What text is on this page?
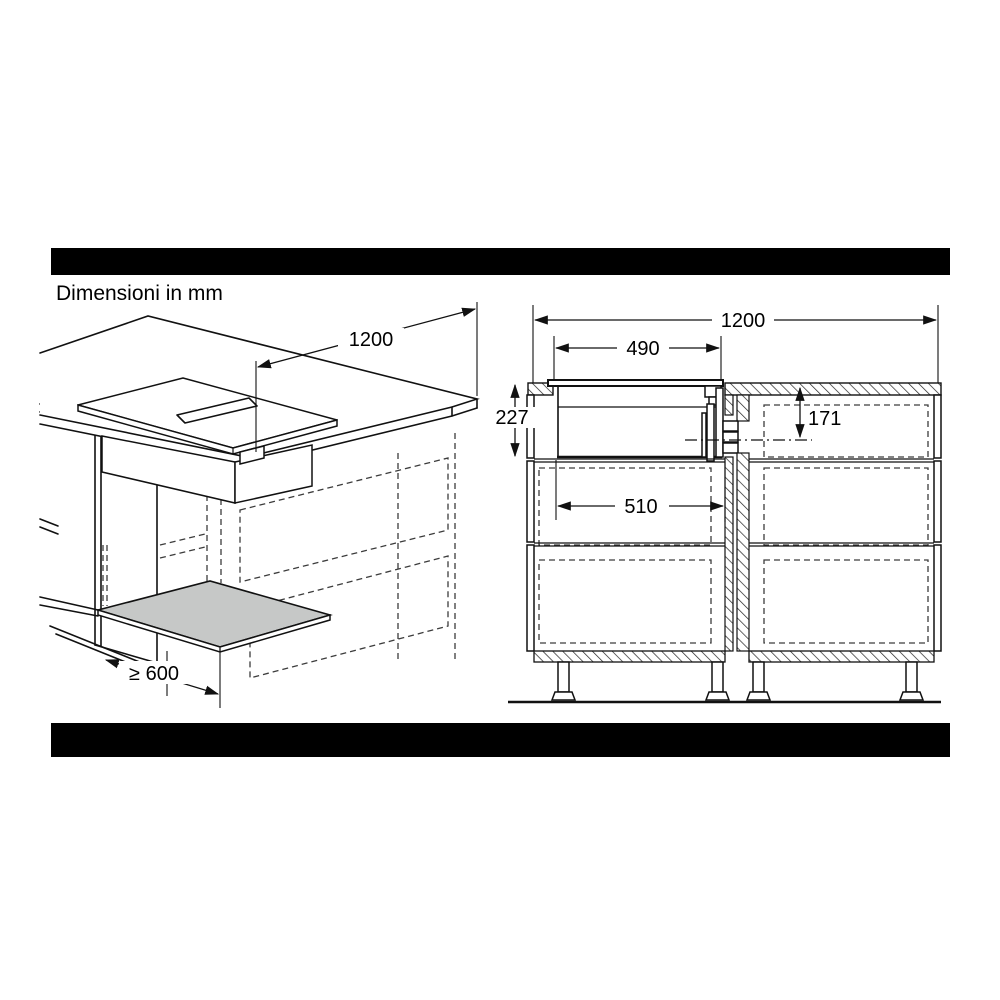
Dimensioni in mm
1200
≥ 600
1200
490
227	171
510
